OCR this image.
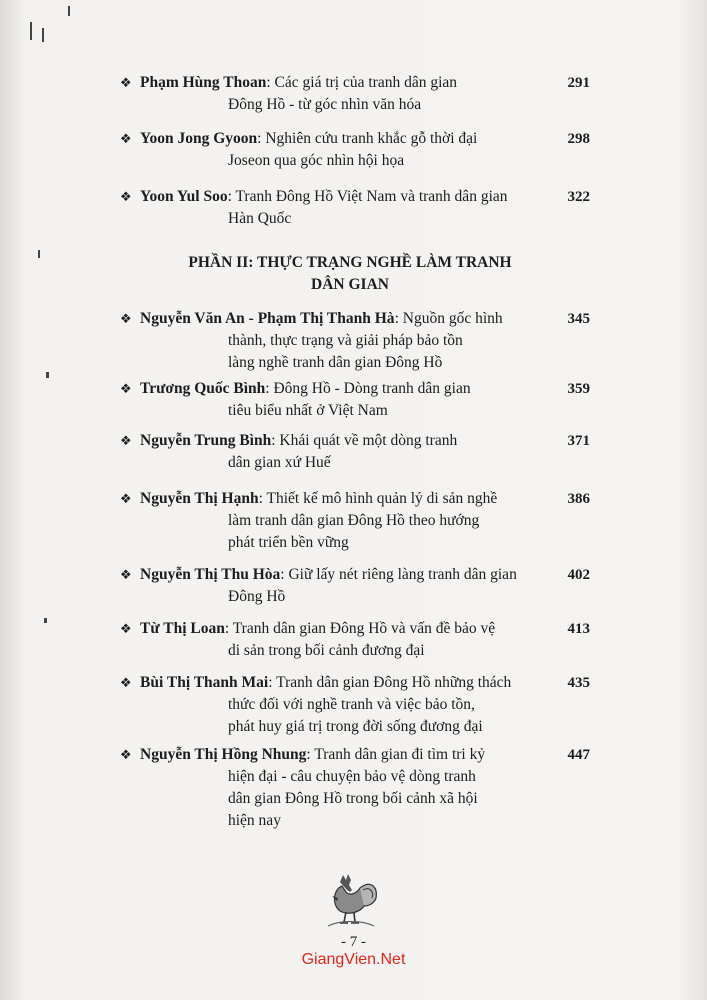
❖ Phạm Hùng Thoan: Các giá trị của tranh dân gian
Đông Hồ - từ góc nhìn văn hóa
291
❖ Yoon Jong Gyoon: Nghiên cứu tranh khắc gỗ thời đại
Joseon qua góc nhìn hội họa
298
❖ Yoon Yul Soo: Tranh Đông Hồ Việt Nam và tranh dân gian
Hàn Quốc
322
PHẦN II: THỰC TRẠNG NGHỀ LÀM TRANH
DÂN GIAN
❖ Nguyễn Văn An - Phạm Thị Thanh Hà: Nguồn gốc hình
thành, thực trạng và giải pháp bảo tồn
làng nghề tranh dân gian Đông Hồ
345
❖ Trương Quốc Bình: Đông Hồ - Dòng tranh dân gian
tiêu biểu nhất ở Việt Nam
359
❖ Nguyễn Trung Bình: Khái quát về một dòng tranh
dân gian xứ Huế
371
❖ Nguyễn Thị Hạnh: Thiết kế mô hình quản lý di sản nghề
làm tranh dân gian Đông Hồ theo hướng
phát triển bền vững
386
❖ Nguyễn Thị Thu Hòa: Giữ lấy nét riêng làng tranh dân gian
Đông Hồ
402
❖ Từ Thị Loan: Tranh dân gian Đông Hồ và vấn đề bảo vệ
di sản trong bối cảnh đương đại
413
❖ Bùi Thị Thanh Mai: Tranh dân gian Đông Hồ những thách
thức đối với nghề tranh và việc bảo tồn,
phát huy giá trị trong đời sống đương đại
435
❖ Nguyễn Thị Hồng Nhung: Tranh dân gian đi tìm tri kỷ
hiện đại - câu chuyện bảo vệ dòng tranh
dân gian Đông Hồ trong bối cảnh xã hội
hiện nay
447
- 7 -
GiangVien.Net
